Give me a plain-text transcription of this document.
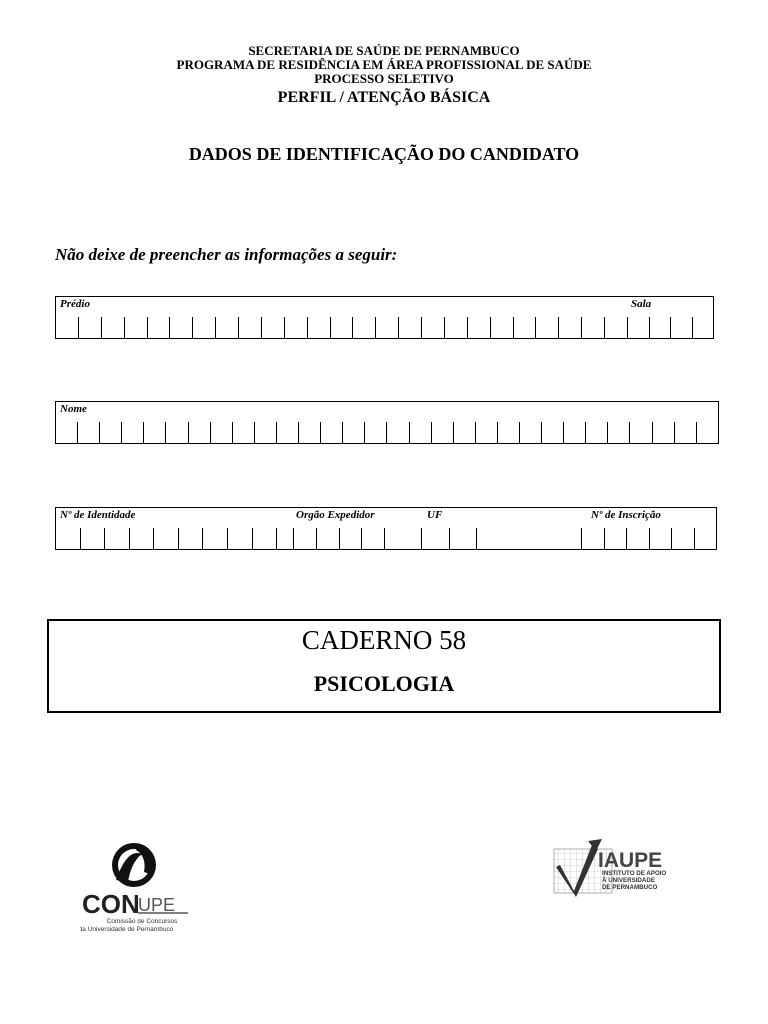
SECRETARIA DE SAÚDE DE PERNAMBUCO
PROGRAMA DE RESIDÊNCIA EM ÁREA PROFISSIONAL DE SAÚDE
PROCESSO SELETIVO
PERFIL / ATENÇÃO BÁSICA
DADOS DE IDENTIFICAÇÃO DO CANDIDATO
Não deixe de preencher as informações a seguir:
Prédio	Sala
Nome
Nº de Identidade	Orgão Expedidor	UF	Nº de Inscrição
CADERNO 58
PSICOLOGIA
CON
UPE
Comissão de Concursos
da Universidade de Pernambuco
IAUPE
INSTITUTO DE APOIO
À UNIVERSIDADE
DE PERNAMBUCO
